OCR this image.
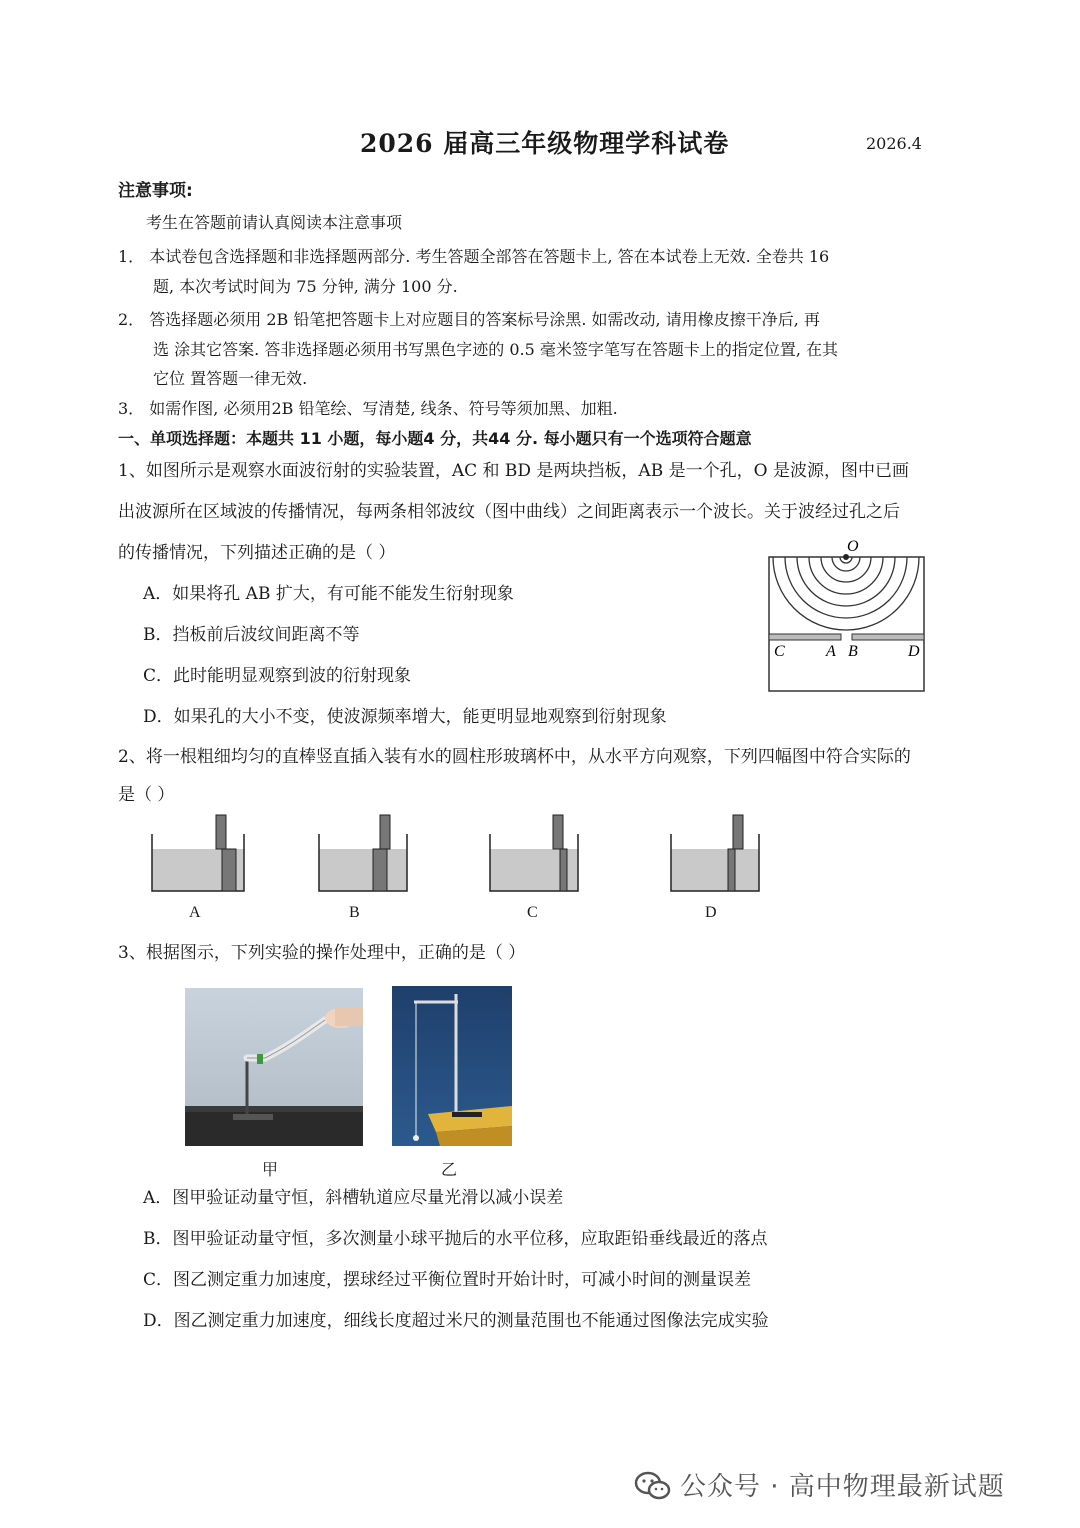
2026 届高三年级物理学科试卷	2026.4
注意事项:
考生在答题前请认真阅读本注意事项
1． 本试卷包含选择题和非选择题两部分. 考生答题全部答在答题卡上, 答在本试卷上无效. 全卷共 16
题, 本次考试时间为 75 分钟, 满分 100 分.
2． 答选择题必须用 2B 铅笔把答题卡上对应题目的答案标号涂黑. 如需改动, 请用橡皮擦干净后, 再
选 涂其它答案. 答非选择题必须用书写黑色字迹的 0.5 毫米签字笔写在答题卡上的指定位置, 在其
它位 置答题一律无效.
3． 如需作图, 必须用2B 铅笔绘、写清楚, 线条、符号等须加黑、加粗.
一、单项选择题：本题共 11 小题，每小题4 分，共44 分. 每小题只有一个选项符合题意
1、如图所示是观察水面波衍射的实验装置，AC 和 BD 是两块挡板，AB 是一个孔，O 是波源，图中已画
出波源所在区域波的传播情况，每两条相邻波纹（图中曲线）之间距离表示一个波长。关于波经过孔之后
的传播情况，下列描述正确的是（ ）
A．如果将孔 AB 扩大，有可能不能发生衍射现象
B．挡板前后波纹间距离不等
C．此时能明显观察到波的衍射现象
D．如果孔的大小不变，使波源频率增大，能更明显地观察到衍射现象
O
C	A B	D
2、将一根粗细均匀的直棒竖直插入装有水的圆柱形玻璃杯中，从水平方向观察，下列四幅图中符合实际的
是（ ）
A	B	C	D
3、根据图示，下列实验的操作处理中，正确的是（ ）
甲	乙
A．图甲验证动量守恒，斜槽轨道应尽量光滑以减小误差
B．图甲验证动量守恒，多次测量小球平抛后的水平位移，应取距铅垂线最近的落点
C．图乙测定重力加速度，摆球经过平衡位置时开始计时，可减小时间的测量误差
D．图乙测定重力加速度，细线长度超过米尺的测量范围也不能通过图像法完成实验
公众号 · 高中物理最新试题
